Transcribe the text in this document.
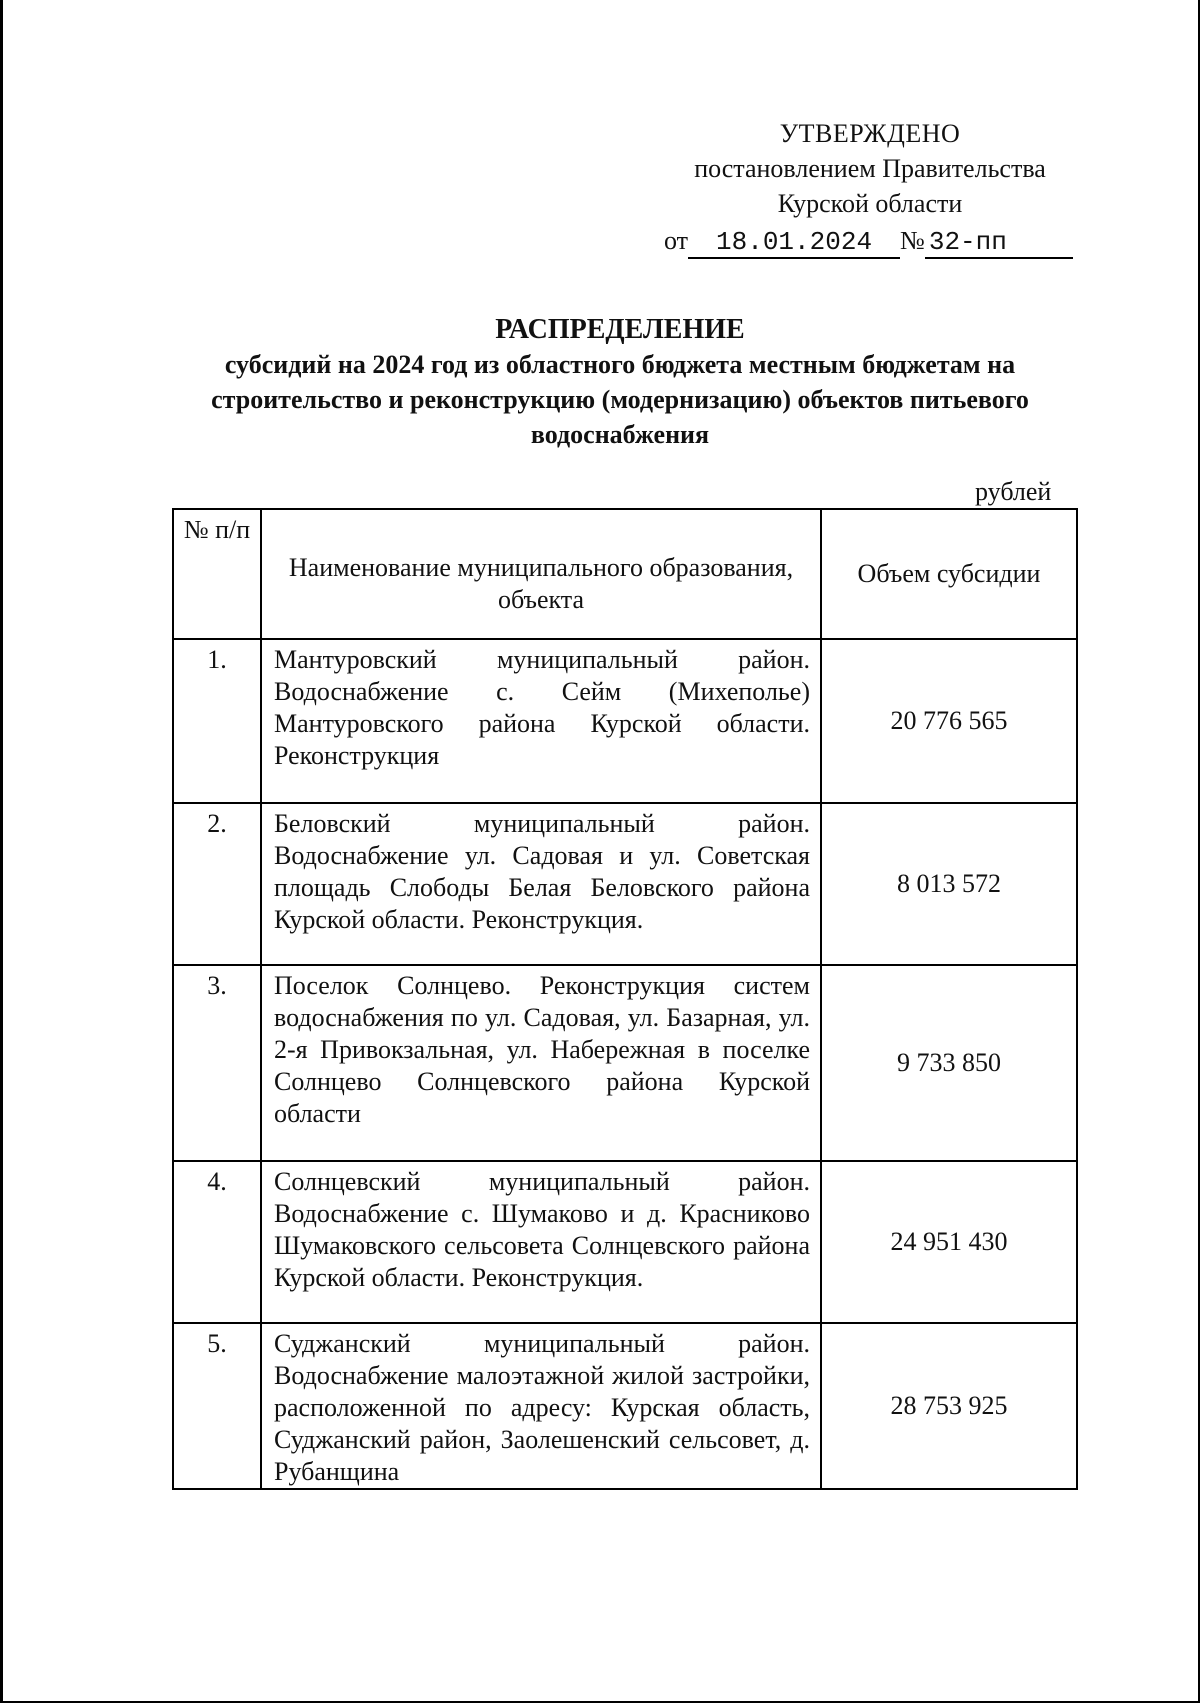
УТВЕРЖДЕНО
постановлением Правительства
Курской области
от 18.01.2024 № 32-пп
РАСПРЕДЕЛЕНИЕ
субсидий на 2024 год из областного бюджета местным бюджетам на строительство и реконструкцию (модернизацию) объектов питьевого водоснабжения
рублей
№ п/п	Наименование муниципального образования, объекта	Объем субсидии
1.	Мантуровский муниципальный район. Водоснабжение с. Сейм (Михеполье) Мантуровского района Курской области. Реконструкция	20 776 565
2.	Беловский муниципальный район. Водоснабжение ул. Садовая и ул. Советская площадь Слободы Белая Беловского района Курской области. Реконструкция.	8 013 572
3.	Поселок Солнцево. Реконструкция систем водоснабжения по ул. Садовая, ул. Базарная, ул. 2-я Привокзальная, ул. Набережная в поселке Солнцево Солнцевского района Курской области	9 733 850
4.	Солнцевский муниципальный район. Водоснабжение с. Шумаково и д. Красниково Шумаковского сельсовета Солнцевского района Курской области. Реконструкция.	24 951 430
5.	Суджанский муниципальный район. Водоснабжение малоэтажной жилой застройки, расположенной по адресу: Курская область, Суджанский район, Заолешенский сельсовет, д. Рубанщина	28 753 925
